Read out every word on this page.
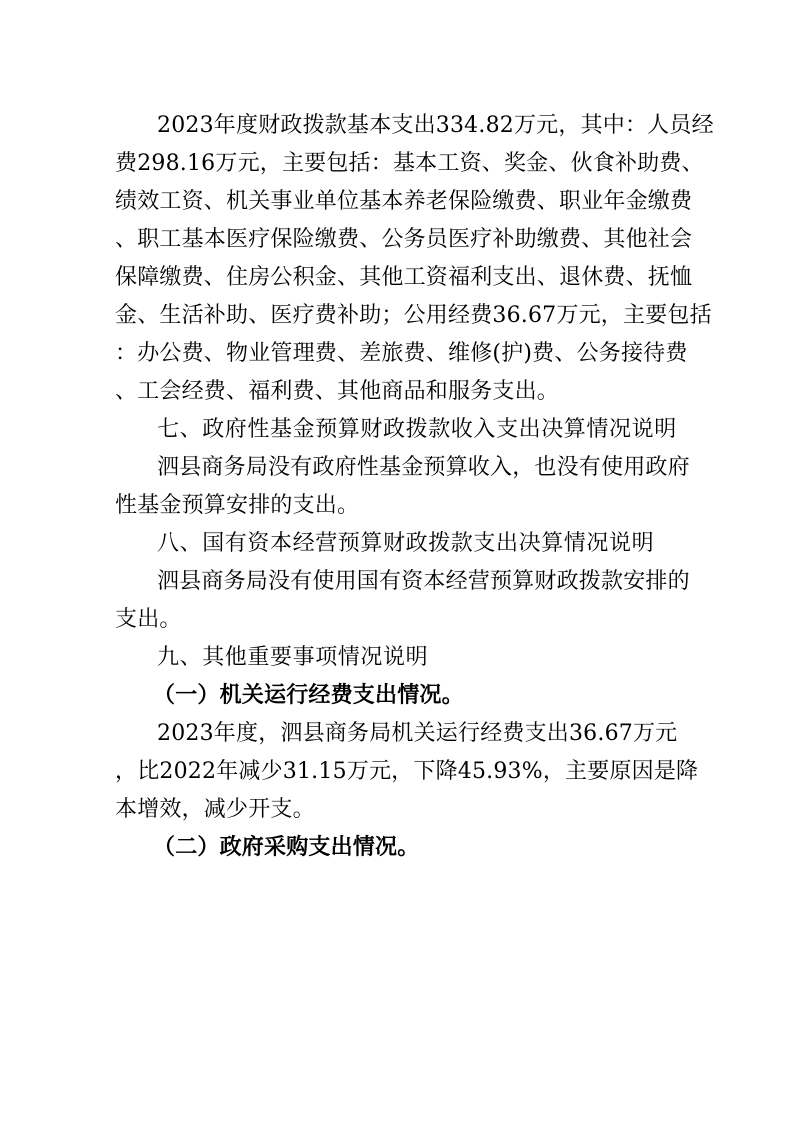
2023年度财政拨款基本支出334.82万元，其中：人员经
费298.16万元，主要包括：基本工资、奖金、伙食补助费、
绩效工资、机关事业单位基本养老保险缴费、职业年金缴费
、职工基本医疗保险缴费、公务员医疗补助缴费、其他社会
保障缴费、住房公积金、其他工资福利支出、退休费、抚恤
金、生活补助、医疗费补助；公用经费36.67万元，主要包括
：办公费、物业管理费、差旅费、维修(护)费、公务接待费
、工会经费、福利费、其他商品和服务支出。
七、政府性基金预算财政拨款收入支出决算情况说明
泗县商务局没有政府性基金预算收入，也没有使用政府
性基金预算安排的支出。
八、国有资本经营预算财政拨款支出决算情况说明
泗县商务局没有使用国有资本经营预算财政拨款安排的
支出。
九、其他重要事项情况说明
（一）机关运行经费支出情况。
2023年度，泗县商务局机关运行经费支出36.67万元
，比2022年减少31.15万元，下降45.93%，主要原因是降
本增效，减少开支。
（二）政府采购支出情况。
